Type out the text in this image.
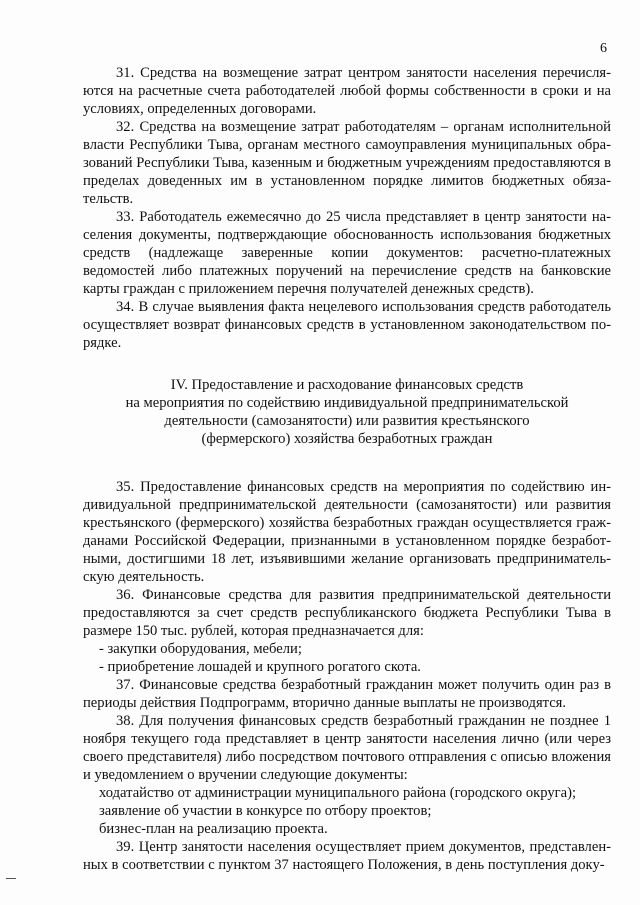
6

31. Средства на возмещение затрат центром занятости населения перечисляются на расчетные счета работодателей любой формы собственности в сроки и на условиях, определенных договорами.

32. Средства на возмещение затрат работодателям – органам исполнительной власти Республики Тыва, органам местного самоуправления муниципальных образований Республики Тыва, казенным и бюджетным учреждениям предоставляются в пределах доведенных им в установленном порядке лимитов бюджетных обязательств.

33. Работодатель ежемесячно до 25 числа представляет в центр занятости населения документы, подтверждающие обоснованность использования бюджетных средств (надлежаще заверенные копии документов: расчетно-платежных ведомостей либо платежных поручений на перечисление средств на банковские карты граждан с приложением перечня получателей денежных средств).

34. В случае выявления факта нецелевого использования средств работодатель осуществляет возврат финансовых средств в установленном законодательством порядке.

IV. Предоставление и расходование финансовых средств
на мероприятия по содействию индивидуальной предпринимательской
деятельности (самозанятости) или развития крестьянского
(фермерского) хозяйства безработных граждан

35. Предоставление финансовых средств на мероприятия по содействию индивидуальной предпринимательской деятельности (самозанятости) или развития крестьянского (фермерского) хозяйства безработных граждан осуществляется гражданами Российской Федерации, признанными в установленном порядке безработными, достигшими 18 лет, изъявившими желание организовать предпринимательскую деятельность.

36. Финансовые средства для развития предпринимательской деятельности предоставляются за счет средств республиканского бюджета Республики Тыва в размере 150 тыс. рублей, которая предназначается для:

- закупки оборудования, мебели;

- приобретение лошадей и крупного рогатого скота.

37. Финансовые средства безработный гражданин может получить один раз в периоды действия Подпрограмм, вторично данные выплаты не производятся.

38. Для получения финансовых средств безработный гражданин не позднее 1 ноября текущего года представляет в центр занятости населения лично (или через своего представителя) либо посредством почтового отправления с описью вложения и уведомлением о вручении следующие документы:

ходатайство от администрации муниципального района (городского округа);

заявление об участии в конкурсе по отбору проектов;

бизнес-план на реализацию проекта.

39. Центр занятости населения осуществляет прием документов, представленных в соответствии с пунктом 37 настоящего Положения, в день поступления доку-
